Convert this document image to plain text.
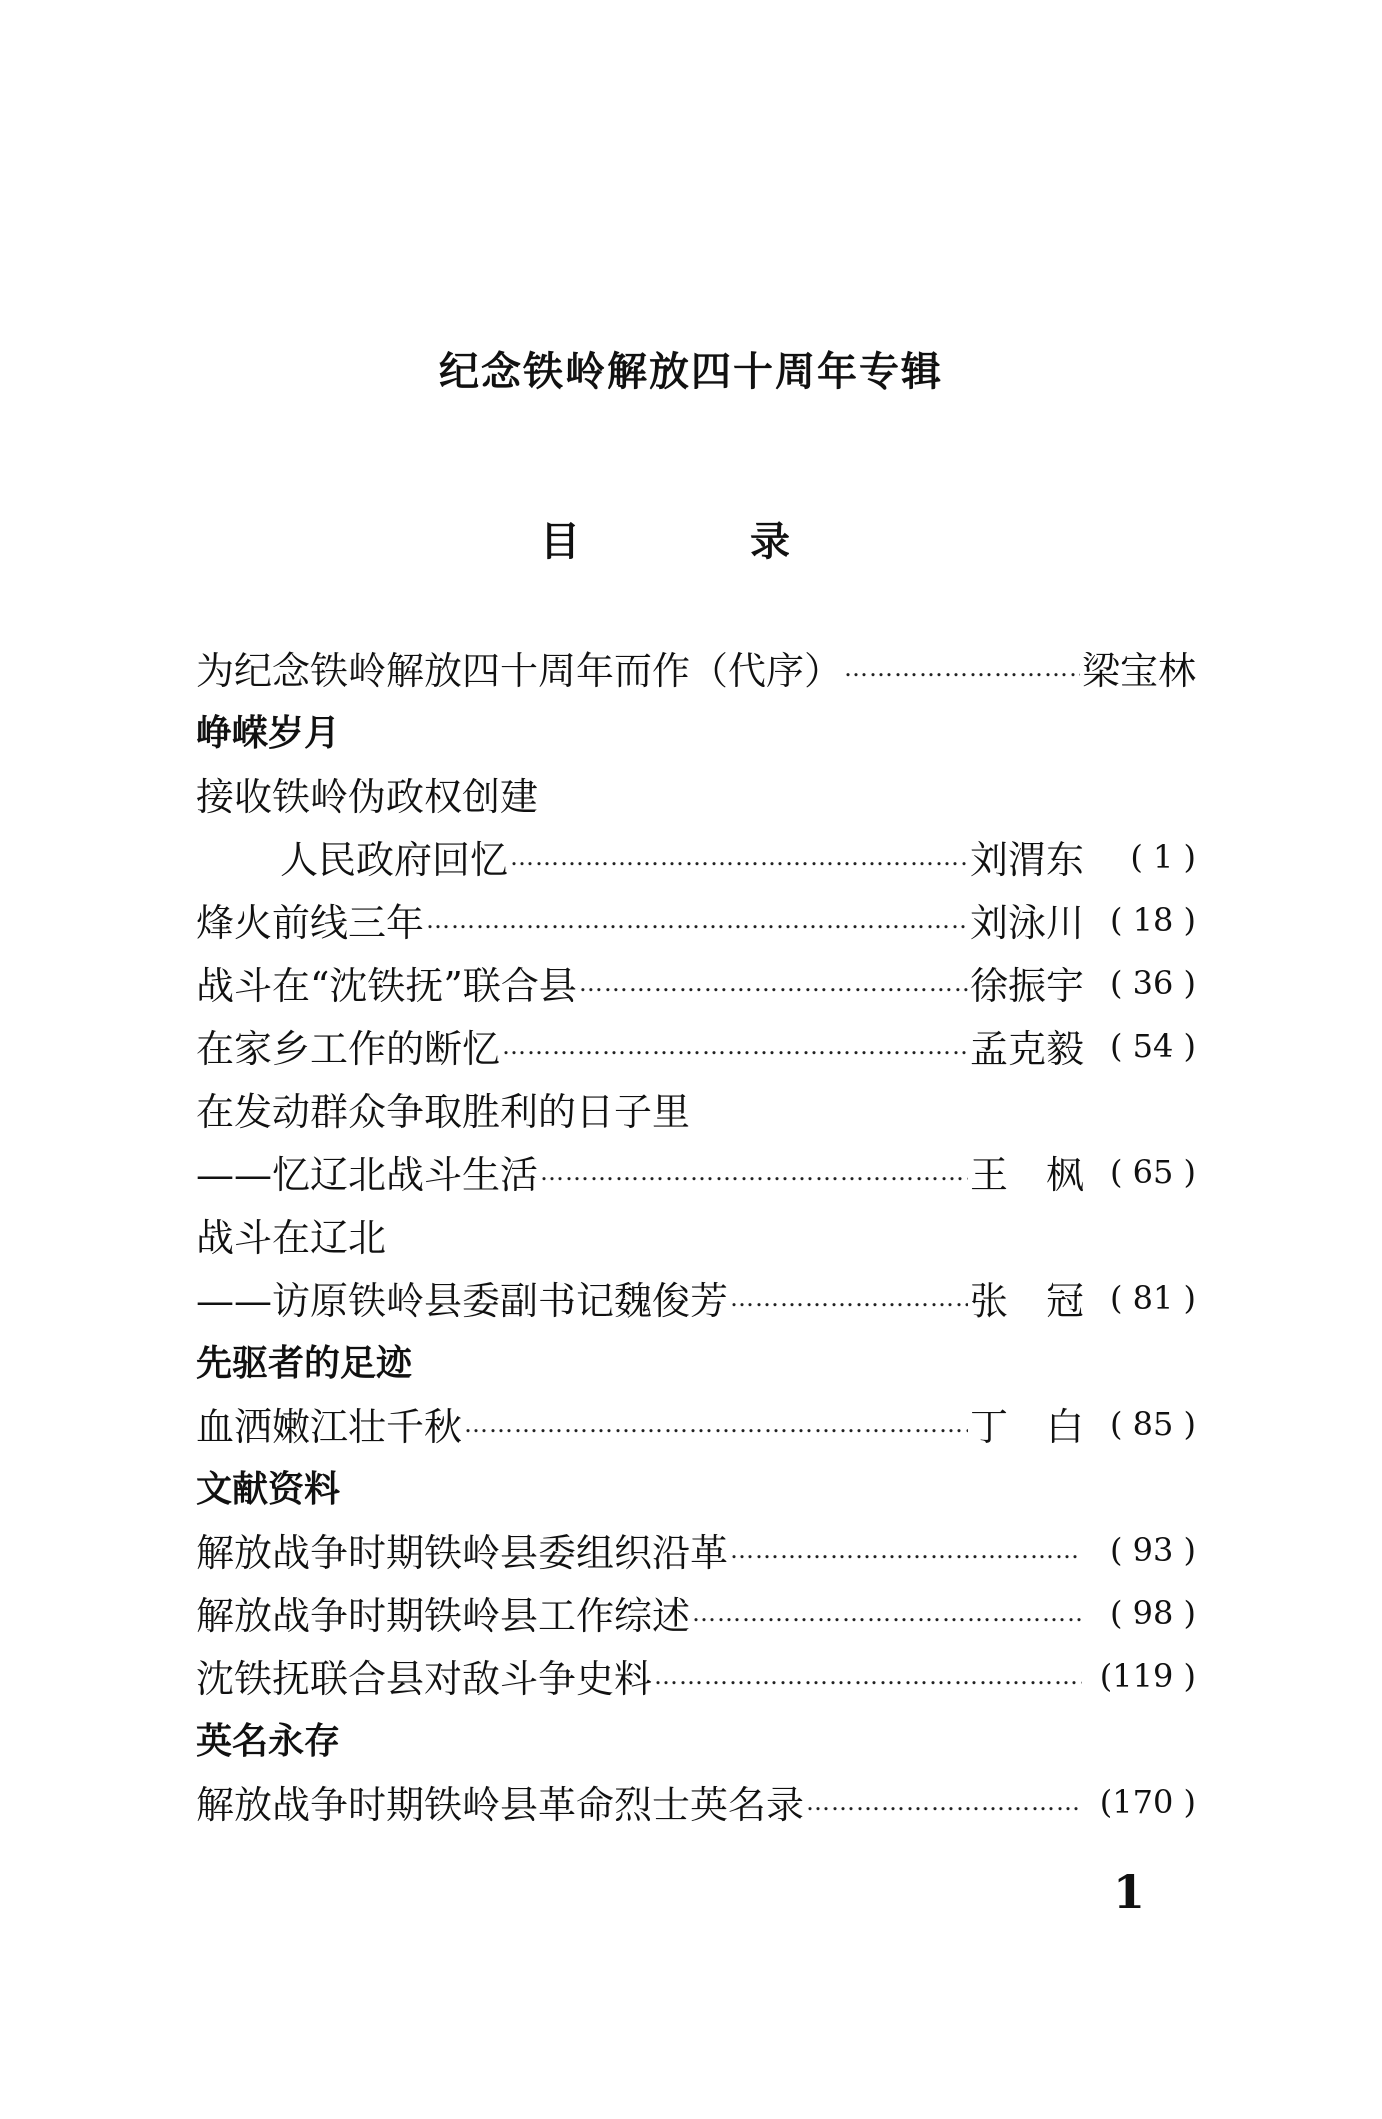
纪念铁岭解放四十周年专辑
目	录
为纪念铁岭解放四十周年而作（代序） …………………………………………………………………………………………………………………………	梁宝林
峥嵘岁月
接收铁岭伪政权创建
人民政府回忆 …………………………………………………………………………………………………………………………	刘渭东	( 1 )
烽火前线三年 …………………………………………………………………………………………………………………………	刘泳川 ( 18 )
战斗在“沈铁抚”联合县 …………………………………………………………………………………………………………………………	徐振宇 ( 36 )
在家乡工作的断忆 …………………………………………………………………………………………………………………………	孟克毅 ( 54 )
在发动群众争取胜利的日子里
——忆辽北战斗生活 …………………………………………………………………………………………………………………………	王　枫 ( 65 )
战斗在辽北
——访原铁岭县委副书记魏俊芳 …………………………………………………………………………………………………………………………	张　冠 ( 81 )
先驱者的足迹
血洒嫩江壮千秋 …………………………………………………………………………………………………………………………	丁　白 ( 85 )
文献资料
解放战争时期铁岭县委组织沿革 …………………………………………………………………………………………………………………………	( 93 )
解放战争时期铁岭县工作综述 …………………………………………………………………………………………………………………………	( 98 )
沈铁抚联合县对敌斗争史料 …………………………………………………………………………………………………………………………	(119 )
英名永存
解放战争时期铁岭县革命烈士英名录 …………………………………………………………………………………………………………………………	(170 )
1
